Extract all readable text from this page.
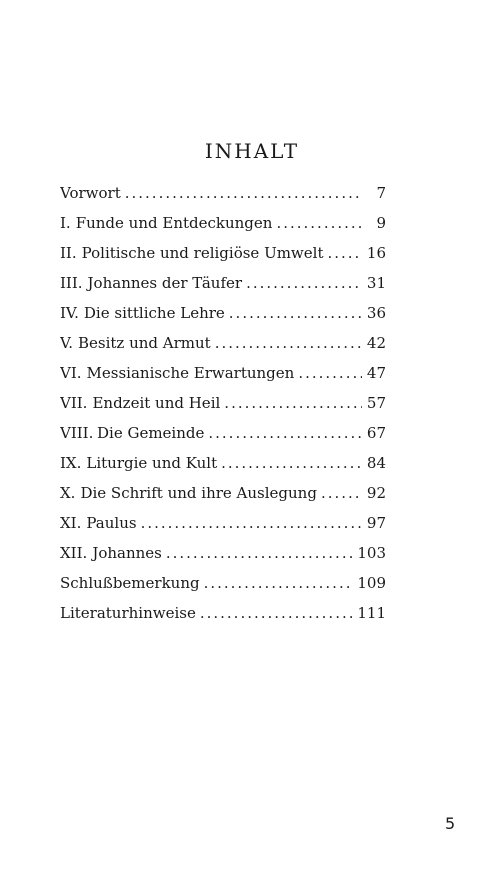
INHALT
Vorwort .....	7
I. Funde und Entdeckungen .....	9
II. Politische und religiöse Umwelt .....	16
III. Johannes der Täufer .....	31
IV. Die sittliche Lehre .....	36
V. Besitz und Armut .....	42
VI. Messianische Erwartungen .....	47
VII. Endzeit und Heil .....	57
VIII. Die Gemeinde .....	67
IX. Liturgie und Kult .....	84
X. Die Schrift und ihre Auslegung .....	92
XI. Paulus .....	97
XII. Johannes .....	103
Schlußbemerkung .....	109
Literaturhinweise .....	111
5
